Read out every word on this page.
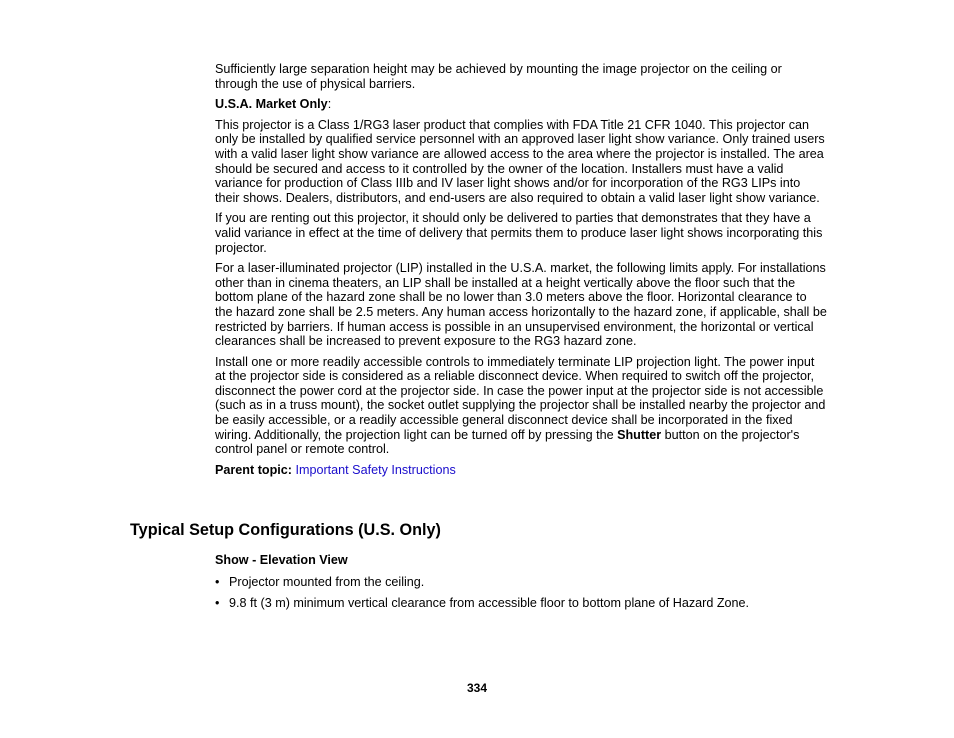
Sufficiently large separation height may be achieved by mounting the image projector on the ceiling or through the use of physical barriers.

U.S.A. Market Only:

This projector is a Class 1/RG3 laser product that complies with FDA Title 21 CFR 1040. This projector can only be installed by qualified service personnel with an approved laser light show variance. Only trained users with a valid laser light show variance are allowed access to the area where the projector is installed. The area should be secured and access to it controlled by the owner of the location. Installers must have a valid variance for production of Class IIIb and IV laser light shows and/or for incorporation of the RG3 LIPs into their shows. Dealers, distributors, and end-users are also required to obtain a valid laser light show variance.

If you are renting out this projector, it should only be delivered to parties that demonstrates that they have a valid variance in effect at the time of delivery that permits them to produce laser light shows incorporating this projector.

For a laser-illuminated projector (LIP) installed in the U.S.A. market, the following limits apply. For installations other than in cinema theaters, an LIP shall be installed at a height vertically above the floor such that the bottom plane of the hazard zone shall be no lower than 3.0 meters above the floor. Horizontal clearance to the hazard zone shall be 2.5 meters. Any human access horizontally to the hazard zone, if applicable, shall be restricted by barriers. If human access is possible in an unsupervised environment, the horizontal or vertical clearances shall be increased to prevent exposure to the RG3 hazard zone.

Install one or more readily accessible controls to immediately terminate LIP projection light. The power input at the projector side is considered as a reliable disconnect device. When required to switch off the projector, disconnect the power cord at the projector side. In case the power input at the projector side is not accessible (such as in a truss mount), the socket outlet supplying the projector shall be installed nearby the projector and be easily accessible, or a readily accessible general disconnect device shall be incorporated in the fixed wiring. Additionally, the projection light can be turned off by pressing the Shutter button on the projector's control panel or remote control.

Parent topic: Important Safety Instructions

Typical Setup Configurations (U.S. Only)

Show - Elevation View

• Projector mounted from the ceiling.
• 9.8 ft (3 m) minimum vertical clearance from accessible floor to bottom plane of Hazard Zone.
334
